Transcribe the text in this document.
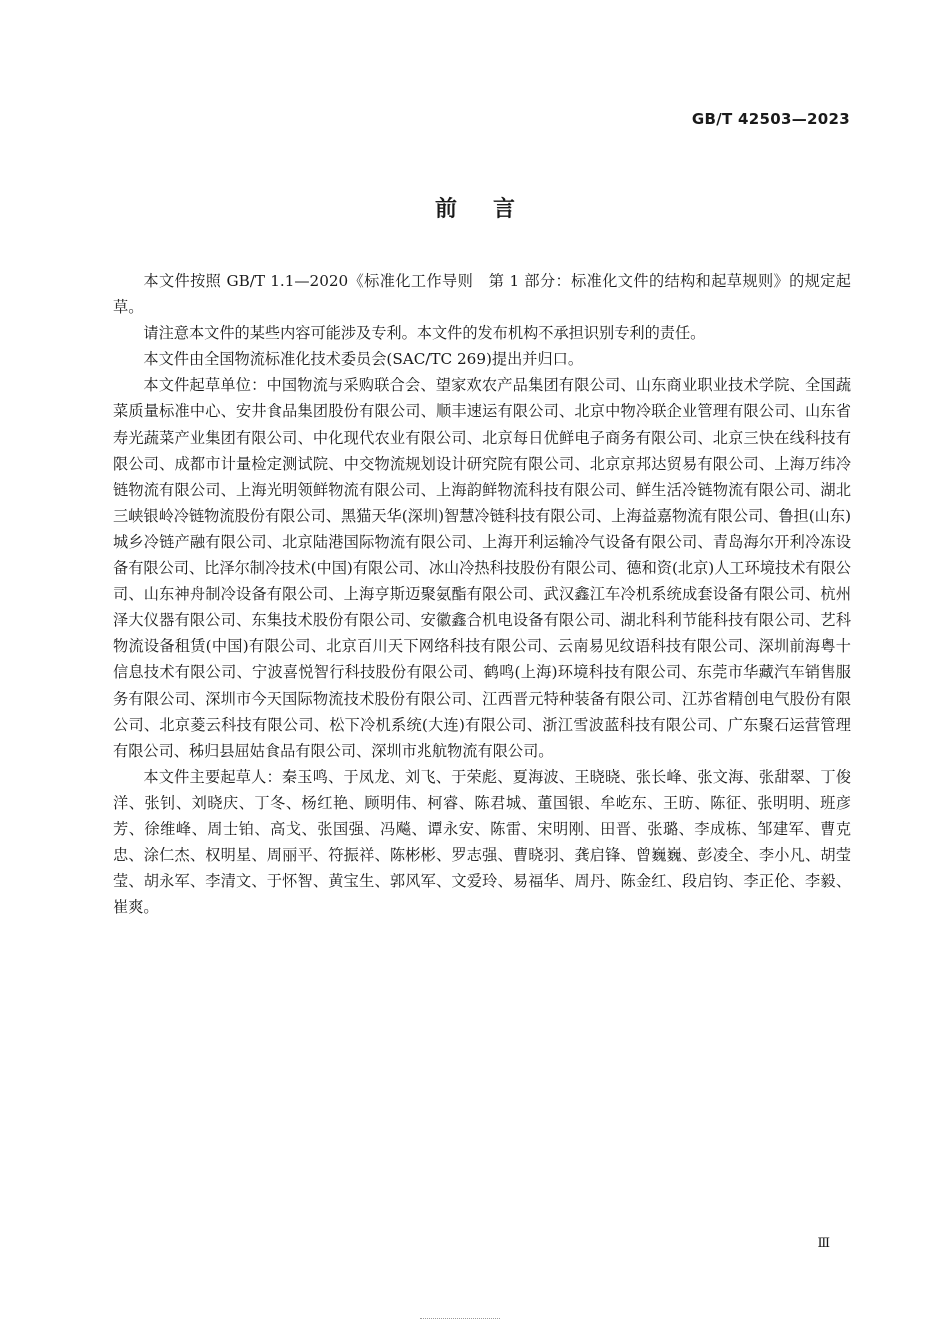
GB/T 42503—2023

前言

本文件按照 GB/T 1.1—2020《标准化工作导则　第 1 部分：标准化文件的结构和起草规则》的规定起草。

请注意本文件的某些内容可能涉及专利。本文件的发布机构不承担识别专利的责任。

本文件由全国物流标准化技术委员会(SAC/TC 269)提出并归口。

本文件起草单位：中国物流与采购联合会、望家欢农产品集团有限公司、山东商业职业技术学院、全国蔬菜质量标准中心、安井食品集团股份有限公司、顺丰速运有限公司、北京中物冷联企业管理有限公司、山东省寿光蔬菜产业集团有限公司、中化现代农业有限公司、北京每日优鲜电子商务有限公司、北京三快在线科技有限公司、成都市计量检定测试院、中交物流规划设计研究院有限公司、北京京邦达贸易有限公司、上海万纬冷链物流有限公司、上海光明领鲜物流有限公司、上海韵鲜物流科技有限公司、鲜生活冷链物流有限公司、湖北三峡银岭冷链物流股份有限公司、黑猫天华(深圳)智慧冷链科技有限公司、上海益嘉物流有限公司、鲁担(山东)城乡冷链产融有限公司、北京陆港国际物流有限公司、上海开利运输冷气设备有限公司、青岛海尔开利冷冻设备有限公司、比泽尔制冷技术(中国)有限公司、冰山冷热科技股份有限公司、德和资(北京)人工环境技术有限公司、山东神舟制冷设备有限公司、上海亨斯迈聚氨酯有限公司、武汉鑫江车冷机系统成套设备有限公司、杭州泽大仪器有限公司、东集技术股份有限公司、安徽鑫合机电设备有限公司、湖北科利节能科技有限公司、艺科物流设备租赁(中国)有限公司、北京百川天下网络科技有限公司、云南易见纹语科技有限公司、深圳前海粤十信息技术有限公司、宁波喜悦智行科技股份有限公司、鹤鸣(上海)环境科技有限公司、东莞市华藏汽车销售服务有限公司、深圳市今天国际物流技术股份有限公司、江西晋元特种装备有限公司、江苏省精创电气股份有限公司、北京菱云科技有限公司、松下冷机系统(大连)有限公司、浙江雪波蓝科技有限公司、广东聚石运营管理有限公司、秭归县屈姑食品有限公司、深圳市兆航物流有限公司。

本文件主要起草人：秦玉鸣、于凤龙、刘飞、于荣彪、夏海波、王晓晓、张长峰、张文海、张甜翠、丁俊洋、张钊、刘晓庆、丁冬、杨红艳、顾明伟、柯睿、陈君城、董国银、牟屹东、王昉、陈征、张明明、班彦芳、徐维峰、周士铂、高戈、张国强、冯飚、谭永安、陈雷、宋明刚、田晋、张璐、李成栋、邹建军、曹克忠、涂仁杰、权明星、周丽平、符振祥、陈彬彬、罗志强、曹晓羽、龚启锋、曾巍巍、彭凌全、李小凡、胡莹莹、胡永军、李清文、于怀智、黄宝生、郭风军、文爱玲、易福华、周丹、陈金红、段启钧、李正伦、李毅、崔爽。

Ⅲ
